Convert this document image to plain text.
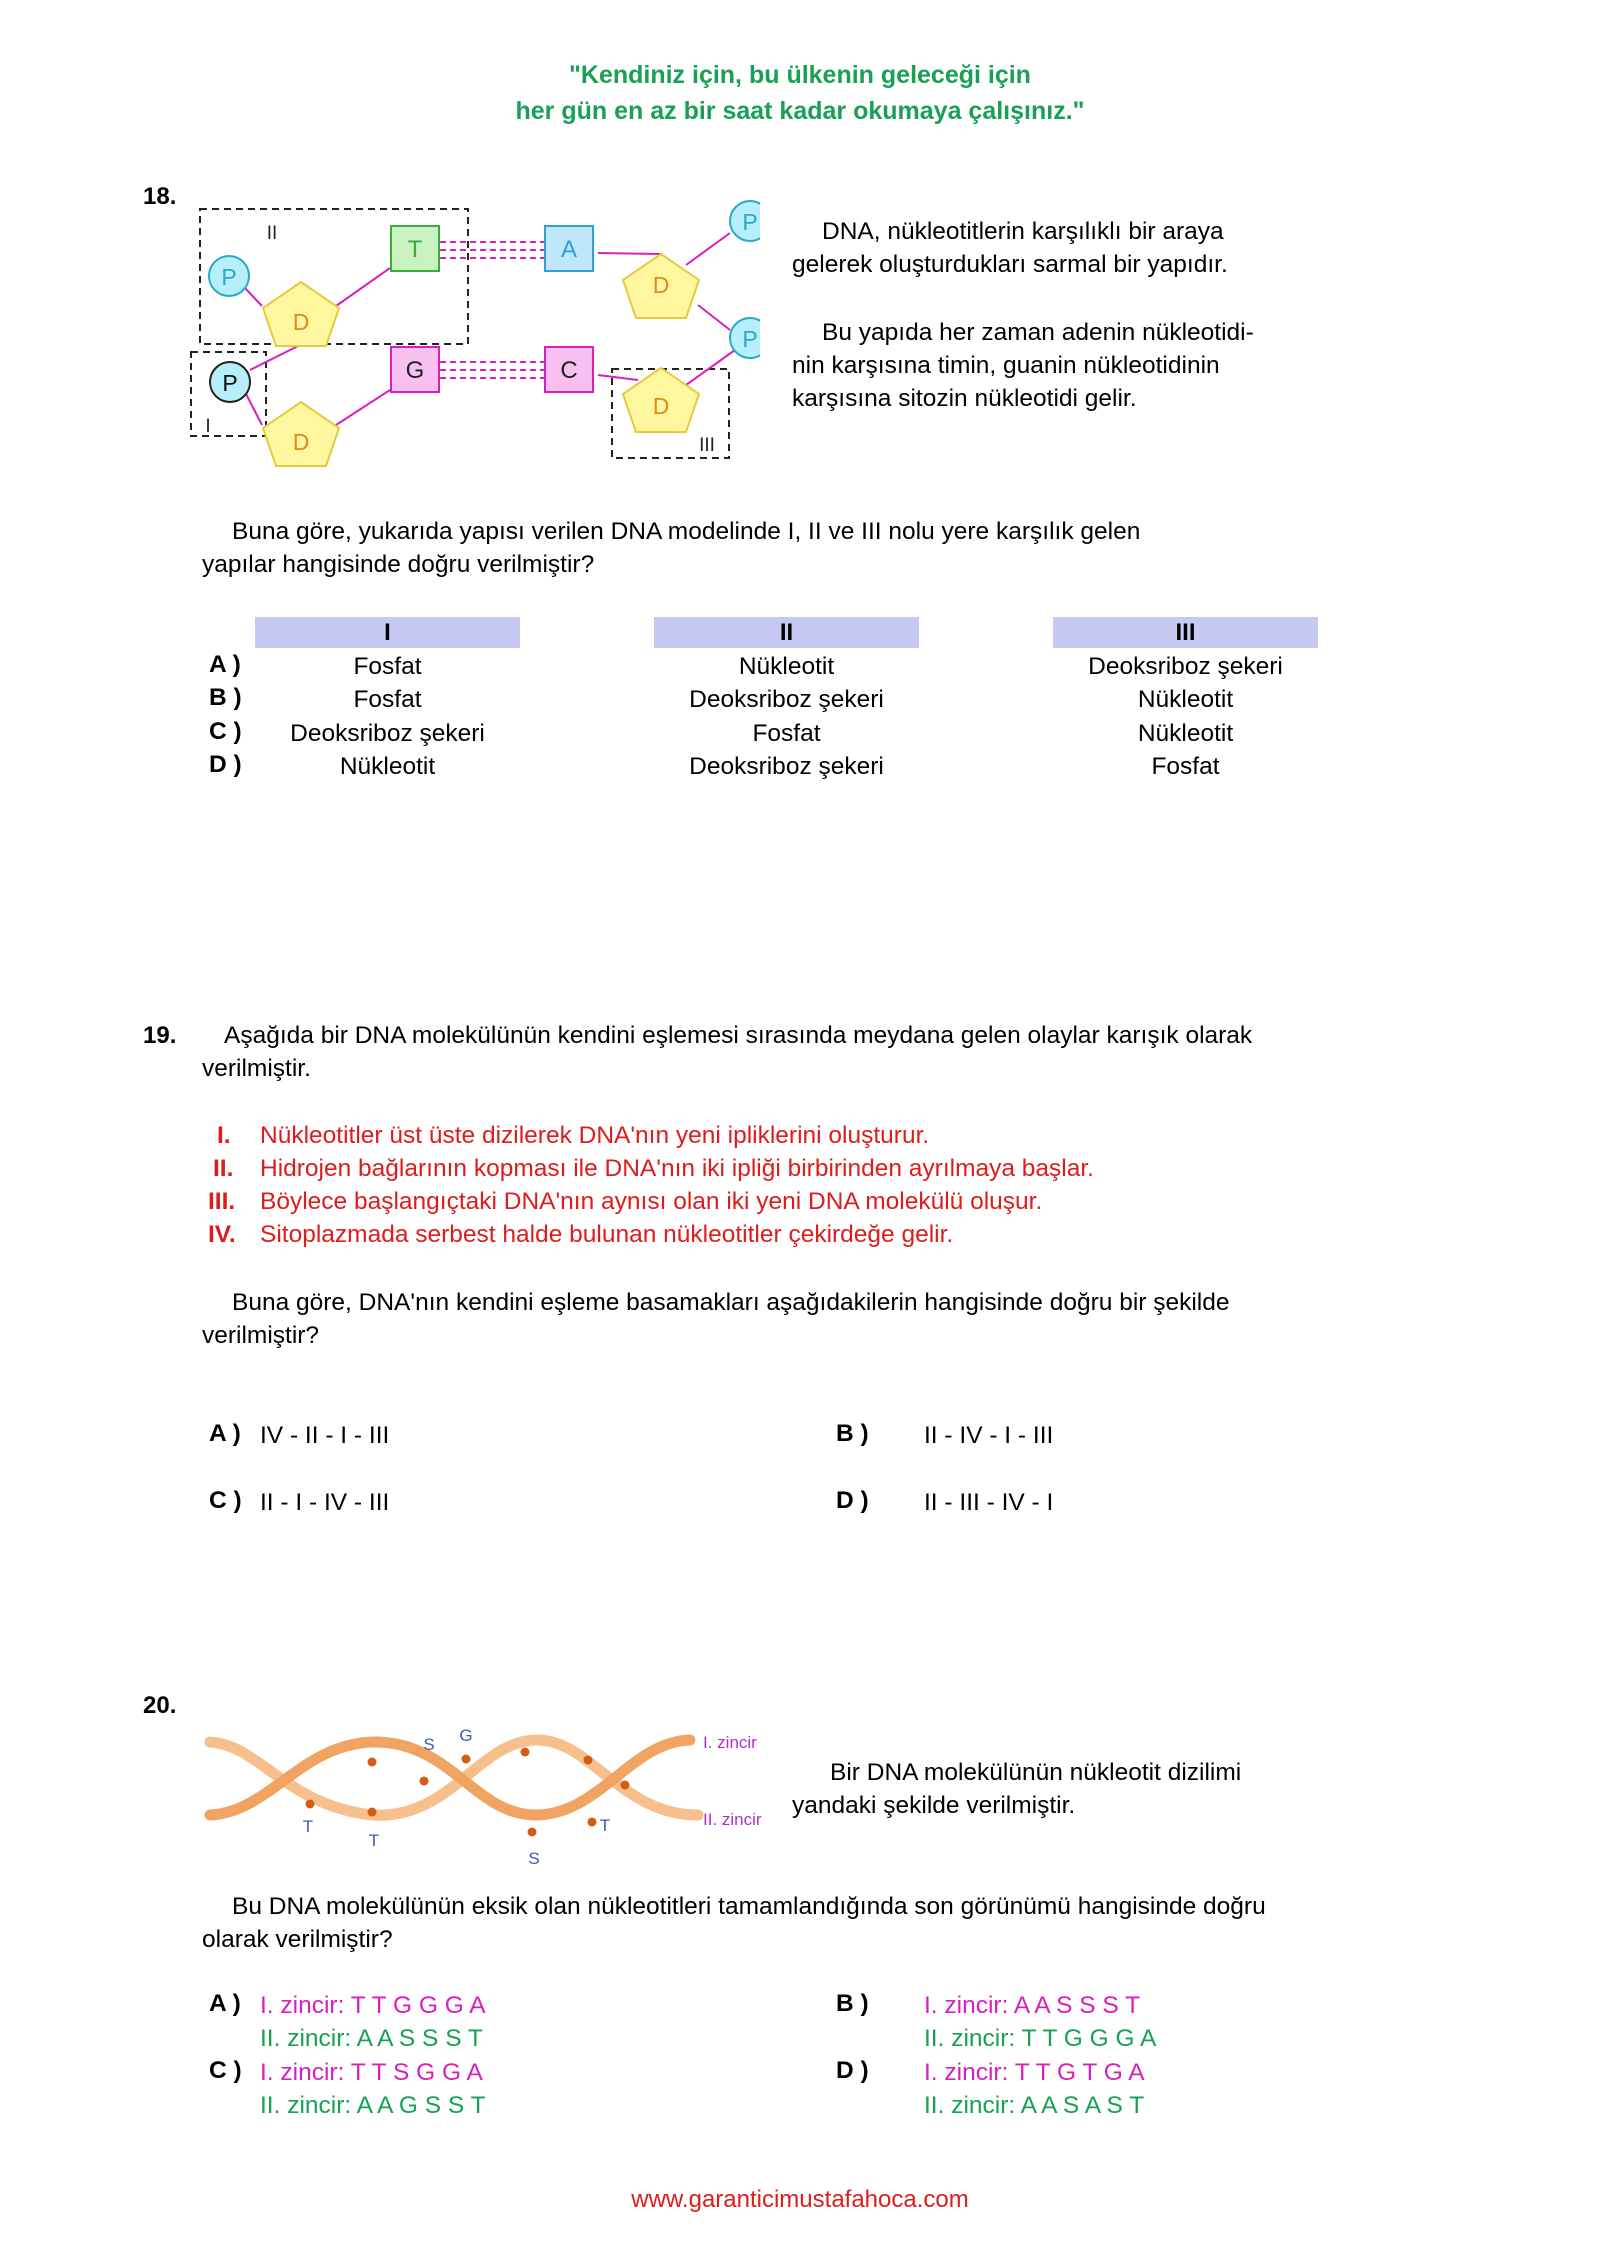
"Kendiniz için, bu ülkenin geleceği için
her gün en az bir saat kadar okumaya çalışınız."
18.
P
P
P
P
D
D
D
D
T	A
G	C
II
I
III
DNA, nükleotitlerin karşılıklı bir araya
gelerek oluşturdukları sarmal bir yapıdır.
Bu yapıda her zaman adenin nükleotidi-
nin karşısına timin, guanin nükleotidinin
karşısına sitozin nükleotidi gelir.
Buna göre, yukarıda yapısı verilen DNA modelinde I, II ve III nolu yere karşılık gelen
yapılar hangisinde doğru verilmiştir?
I	II	III
A )	Fosfat	Nükleotit	Deoksriboz şekeri
B )	Fosfat	Deoksriboz şekeri	Nükleotit
C )	Deoksriboz şekeri	Fosfat	Nükleotit
D )	Nükleotit	Deoksriboz şekeri	Fosfat
19. Aşağıda bir DNA molekülünün kendini eşlemesi sırasında meydana gelen olaylar karışık olarak
verilmiştir.
I. Nükleotitler üst üste dizilerek DNA'nın yeni ipliklerini oluşturur.
II. Hidrojen bağlarının kopması ile DNA'nın iki ipliği birbirinden ayrılmaya başlar.
III. Böylece başlangıçtaki DNA'nın aynısı olan iki yeni DNA molekülü oluşur.
IV. Sitoplazmada serbest halde bulunan nükleotitler çekirdeğe gelir.
Buna göre, DNA'nın kendini eşleme basamakları aşağıdakilerin hangisinde doğru bir şekilde
verilmiştir?
A ) IV - II - I - III	B ) II - IV - I - III
C ) II - I - IV - III	D ) II - III - IV - I
20.
S G
T
T
S
T
I. zincir
II. zincir
Bir DNA molekülünün nükleotit dizilimi
yandaki şekilde verilmiştir.
Bu DNA molekülünün eksik olan nükleotitleri tamamlandığında son görünümü hangisinde doğru
olarak verilmiştir?
A ) I. zincir: T T G G G A
II. zincir: A A S S S T
B ) I. zincir: A A S S S T
II. zincir: T T G G G A
C ) I. zincir: T T S G G A
II. zincir: A A G S S T
D ) I. zincir: T T G T G A
II. zincir: A A S A S T
www.garanticimustafahoca.com
